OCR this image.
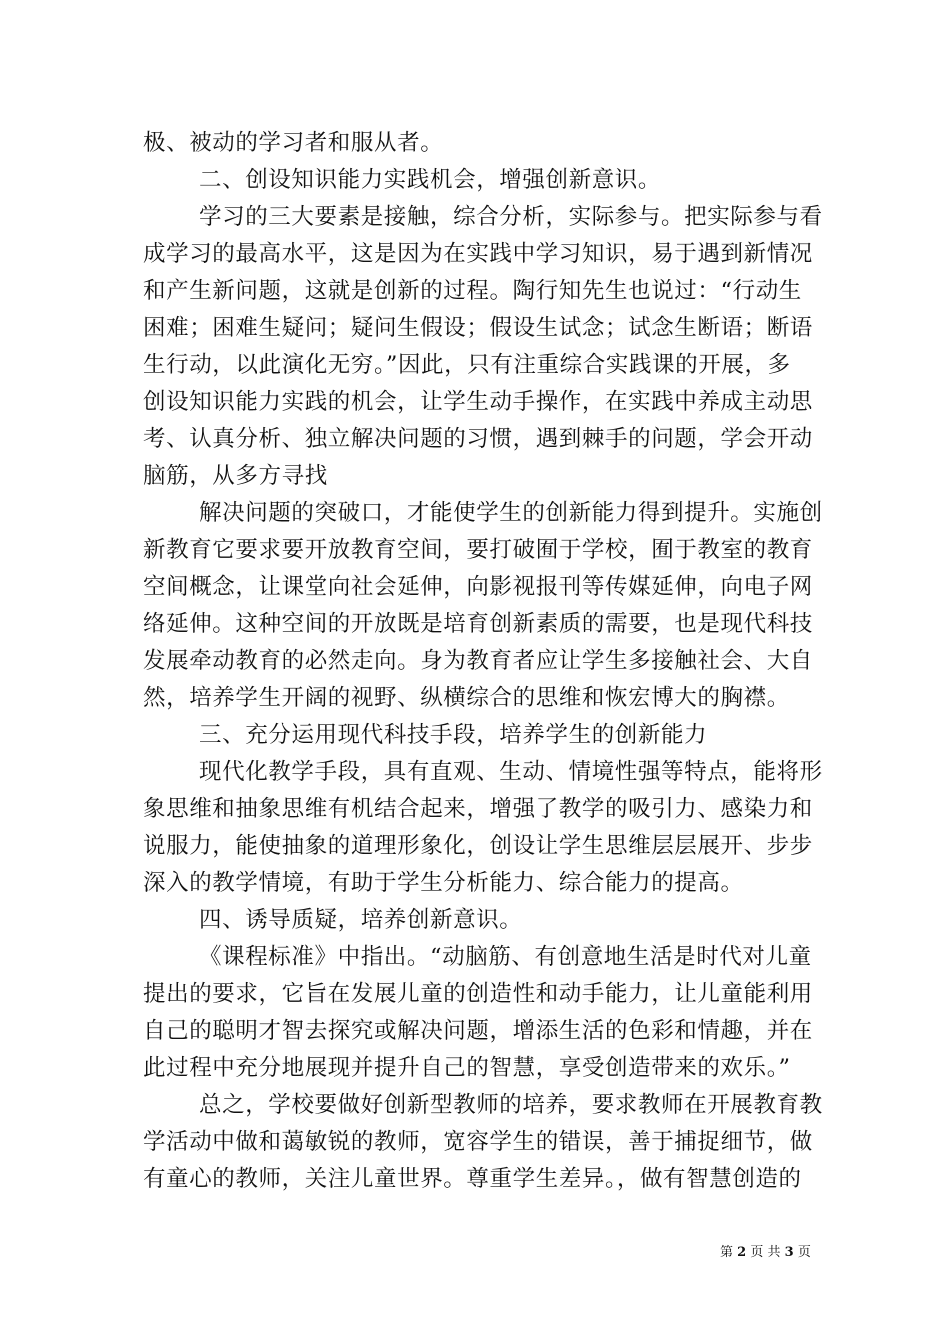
极、被动的学习者和服从者。
二、创设知识能力实践机会，增强创新意识。
学习的三大要素是接触，综合分析，实际参与。把实际参与看
成学习的最高水平，这是因为在实践中学习知识，易于遇到新情况
和产生新问题，这就是创新的过程。陶行知先生也说过：“行动生
困难；困难生疑问；疑问生假设；假设生试念；试念生断语；断语
生行动，以此演化无穷。”因此，只有注重综合实践课的开展，多
创设知识能力实践的机会，让学生动手操作，在实践中养成主动思
考、认真分析、独立解决问题的习惯，遇到棘手的问题，学会开动
脑筋，从多方寻找
解决问题的突破口，才能使学生的创新能力得到提升。实施创
新教育它要求要开放教育空间，要打破囿于学校，囿于教室的教育
空间概念，让课堂向社会延伸，向影视报刊等传媒延伸，向电子网
络延伸。这种空间的开放既是培育创新素质的需要，也是现代科技
发展牵动教育的必然走向。身为教育者应让学生多接触社会、大自
然，培养学生开阔的视野、纵横综合的思维和恢宏博大的胸襟。
三、充分运用现代科技手段，培养学生的创新能力
现代化教学手段，具有直观、生动、情境性强等特点，能将形
象思维和抽象思维有机结合起来，增强了教学的吸引力、感染力和
说服力，能使抽象的道理形象化，创设让学生思维层层展开、步步
深入的教学情境，有助于学生分析能力、综合能力的提高。
四、诱导质疑，培养创新意识。
《课程标准》中指出。“动脑筋、有创意地生活是时代对儿童
提出的要求，它旨在发展儿童的创造性和动手能力，让儿童能利用
自己的聪明才智去探究或解决问题，增添生活的色彩和情趣，并在
此过程中充分地展现并提升自己的智慧，享受创造带来的欢乐。”
总之，学校要做好创新型教师的培养，要求教师在开展教育教
学活动中做和蔼敏锐的教师，宽容学生的错误，善于捕捉细节，做
有童心的教师，关注儿童世界。尊重学生差异。，做有智慧创造的
第 2 页 共 3 页
